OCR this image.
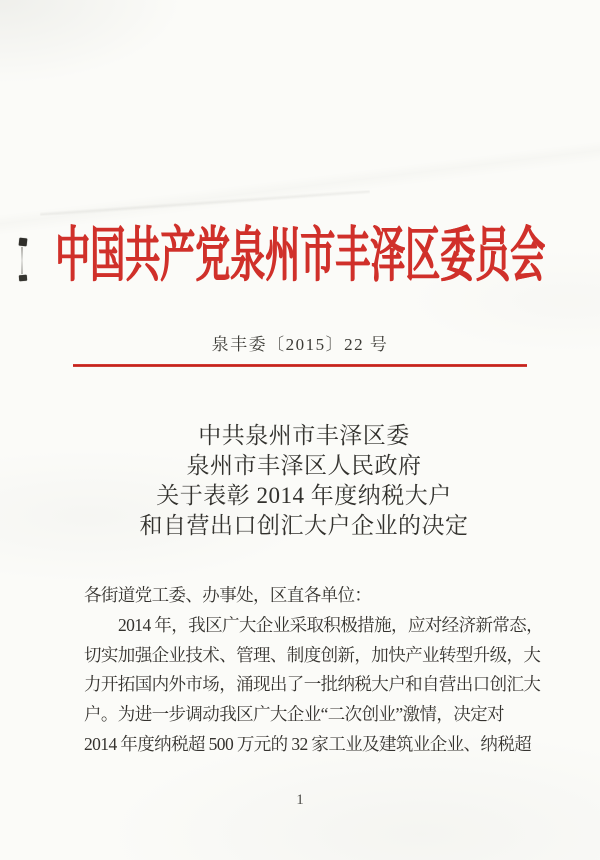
中国共产党泉州市丰泽区委员会
泉丰委〔2015〕22 号
中共泉州市丰泽区委
泉州市丰泽区人民政府
关于表彰 2014 年度纳税大户
和自营出口创汇大户企业的决定
各街道党工委、办事处，区直各单位：
2014 年，我区广大企业采取积极措施，应对经济新常态，
切实加强企业技术、管理、制度创新，加快产业转型升级，大
力开拓国内外市场，涌现出了一批纳税大户和自营出口创汇大
户。为进一步调动我区广大企业“二次创业”激情，决定对
2014 年度纳税超 500 万元的 32 家工业及建筑业企业、纳税超
1
